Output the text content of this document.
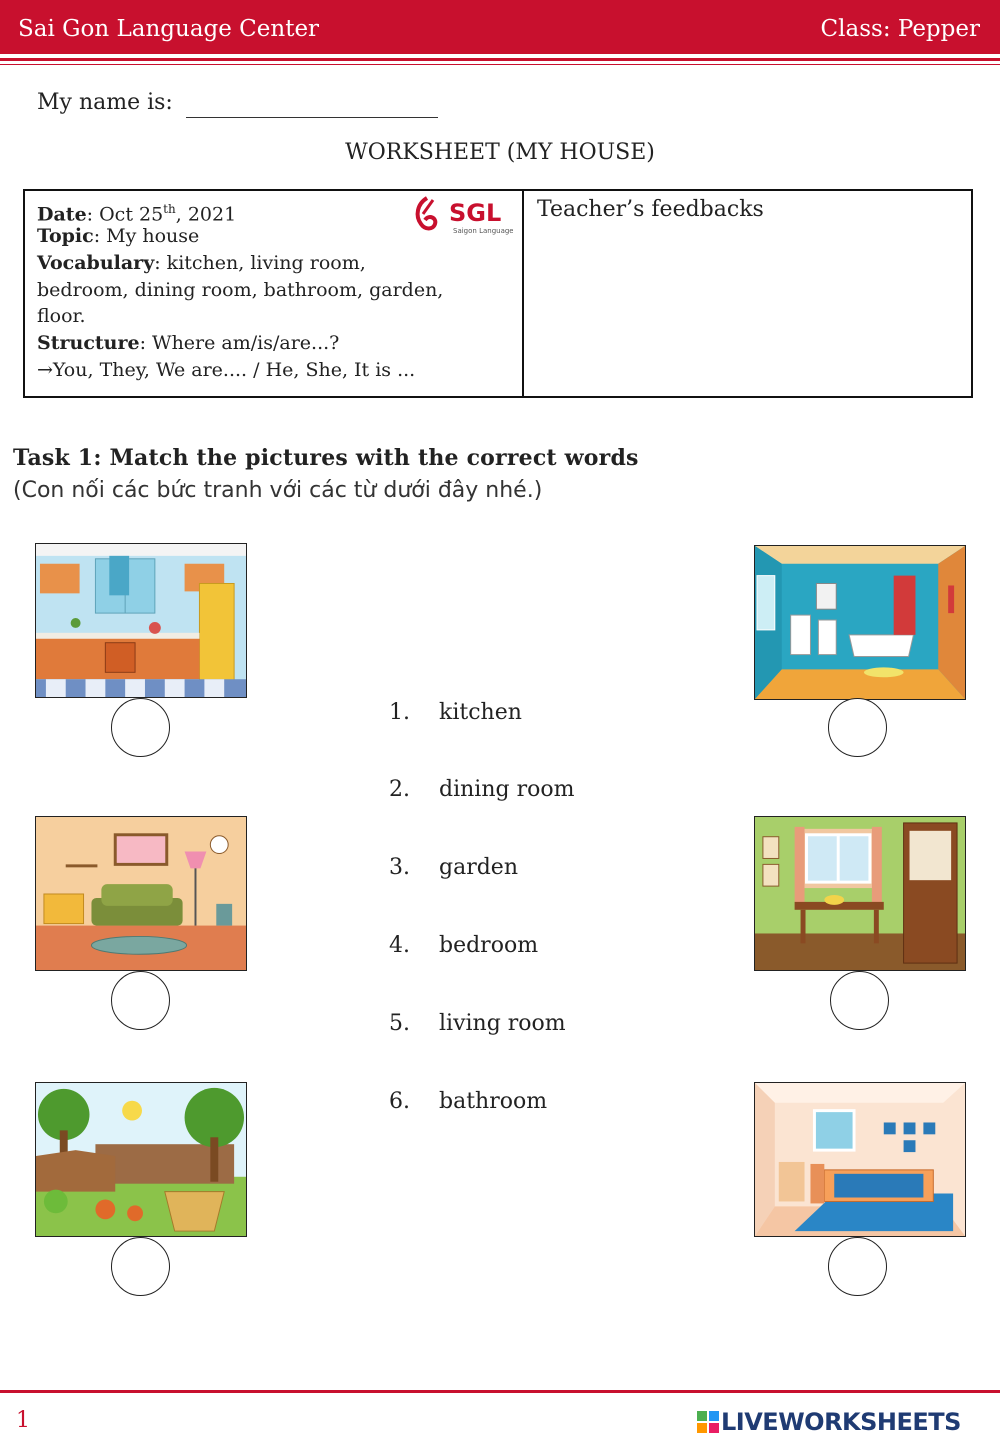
Sai Gon Language Center	Class: Pepper
My name is:
WORKSHEET (MY HOUSE)
Date: Oct 25th, 2021
Topic: My house
Vocabulary: kitchen, living room,
bedroom, dining room, bathroom, garden,
floor.
Structure: Where am/is/are...?
→You, They, We are.... / He, She, It is ...
SGL
Saigon Language
Teacher’s feedbacks
Task 1: Match the pictures with the correct words
(Con nối các bức tranh với các từ dưới đây nhé.)
1.	kitchen
2.	dining room
3.	garden
4.	bedroom
5.	living room
6.	bathroom
1	LIVEWORKSHEETS
